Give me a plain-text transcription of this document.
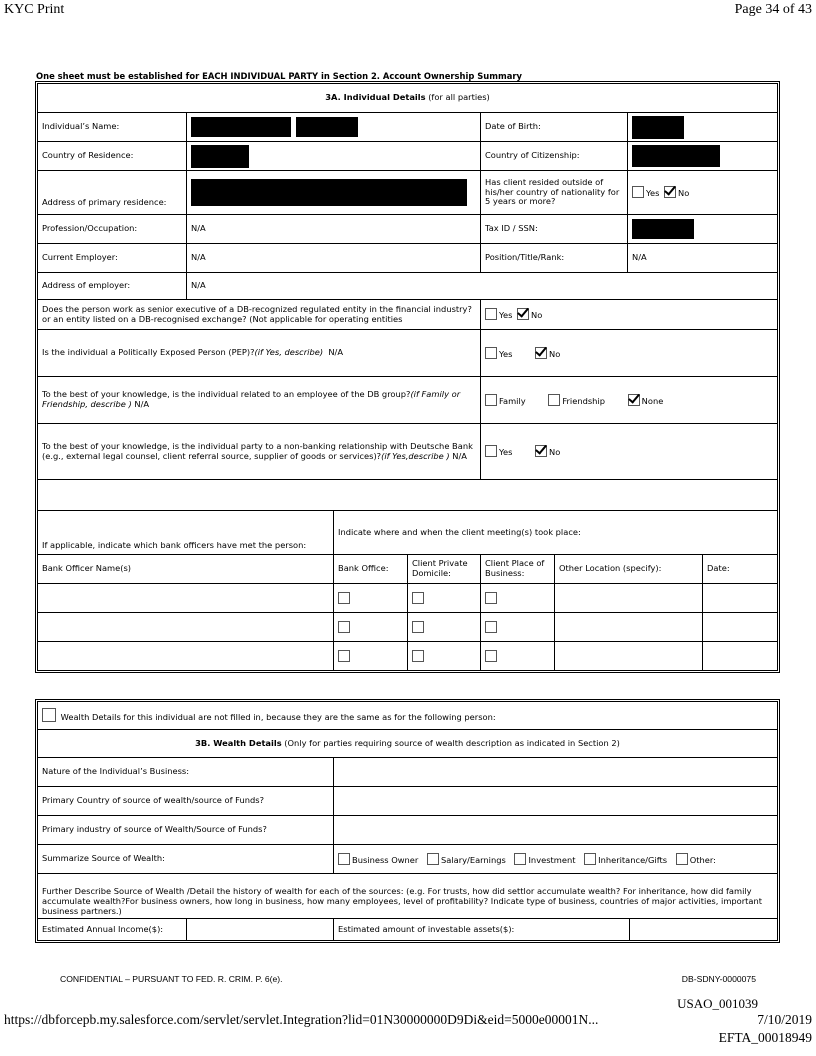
KYC Print	Page 34 of 43
One sheet must be established for EACH INDIVIDUAL PARTY in Section 2. Account Ownership Summary
3A. Individual Details (for all parties)							
Individual’s Name:				Date of Birth:			
Country of Residence:				Country of Citizenship:			
Address of primary residence:				Has client resided outside of his/her country of nationality for 5 years or more?		Yes No	
Profession/Occupation:	N/A			Tax ID / SSN:			
Current Employer:	N/A			Position/Title/Rank:		N/A	
Address of employer:	N/A						
Does the person work as senior executive of a DB-recognized regulated entity in the financial industry? or an entity listed on a DB-recognised exchange? (Not applicable for operating entities				Yes No			
Is the individual a Politically Exposed Person (PEP)?(if Yes, describe) N/A				Yes No			
To the best of your knowledge, is the individual related to an employee of the DB group?(if Family or Friendship, describe ) N/A				Family Friendship None			
To the best of your knowledge, is the individual party to a non-banking relationship with Deutsche Bank (e.g., external legal counsel, client referral source, supplier of goods or services)?(if Yes,describe ) N/A				Yes No			

If applicable, indicate which bank officers have met the person:		Indicate where and when the client meeting(s) took place:					
Bank Officer Name(s)		Bank Office:	Client Private Domicile:	Client Place of Business:	Other Location (specify):		Date:

Wealth Details for this individual are not filled in, because they are the same as for the following person:			
3B. Wealth Details (Only for parties requiring source of wealth description as indicated in Section 2)			
Nature of the Individual’s Business:			
Primary Country of source of wealth/source of Funds?			
Primary industry of source of Wealth/Source of Funds?			
Summarize Source of Wealth:		Business Owner Salary/Earnings Investment Inheritance/Gifts Other:	
Further Describe Source of Wealth /Detail the history of wealth for each of the sources: (e.g. For trusts, how did settlor accumulate wealth? For inheritance, how did family accumulate wealth?For business owners, how long in business, how many employees, level of profitability? Indicate type of business, countries of major activities, important business partners.)			
Estimated Annual Income($):		Estimated amount of investable assets($):	
CONFIDENTIAL – PURSUANT TO FED. R. CRIM. P. 6(e).	DB-SDNY-0000075
USAO_001039
https://dbforcepb.my.salesforce.com/servlet/servlet.Integration?lid=01N30000000D9Di&eid=5000e00001N...	7/10/2019
EFTA_00018949
